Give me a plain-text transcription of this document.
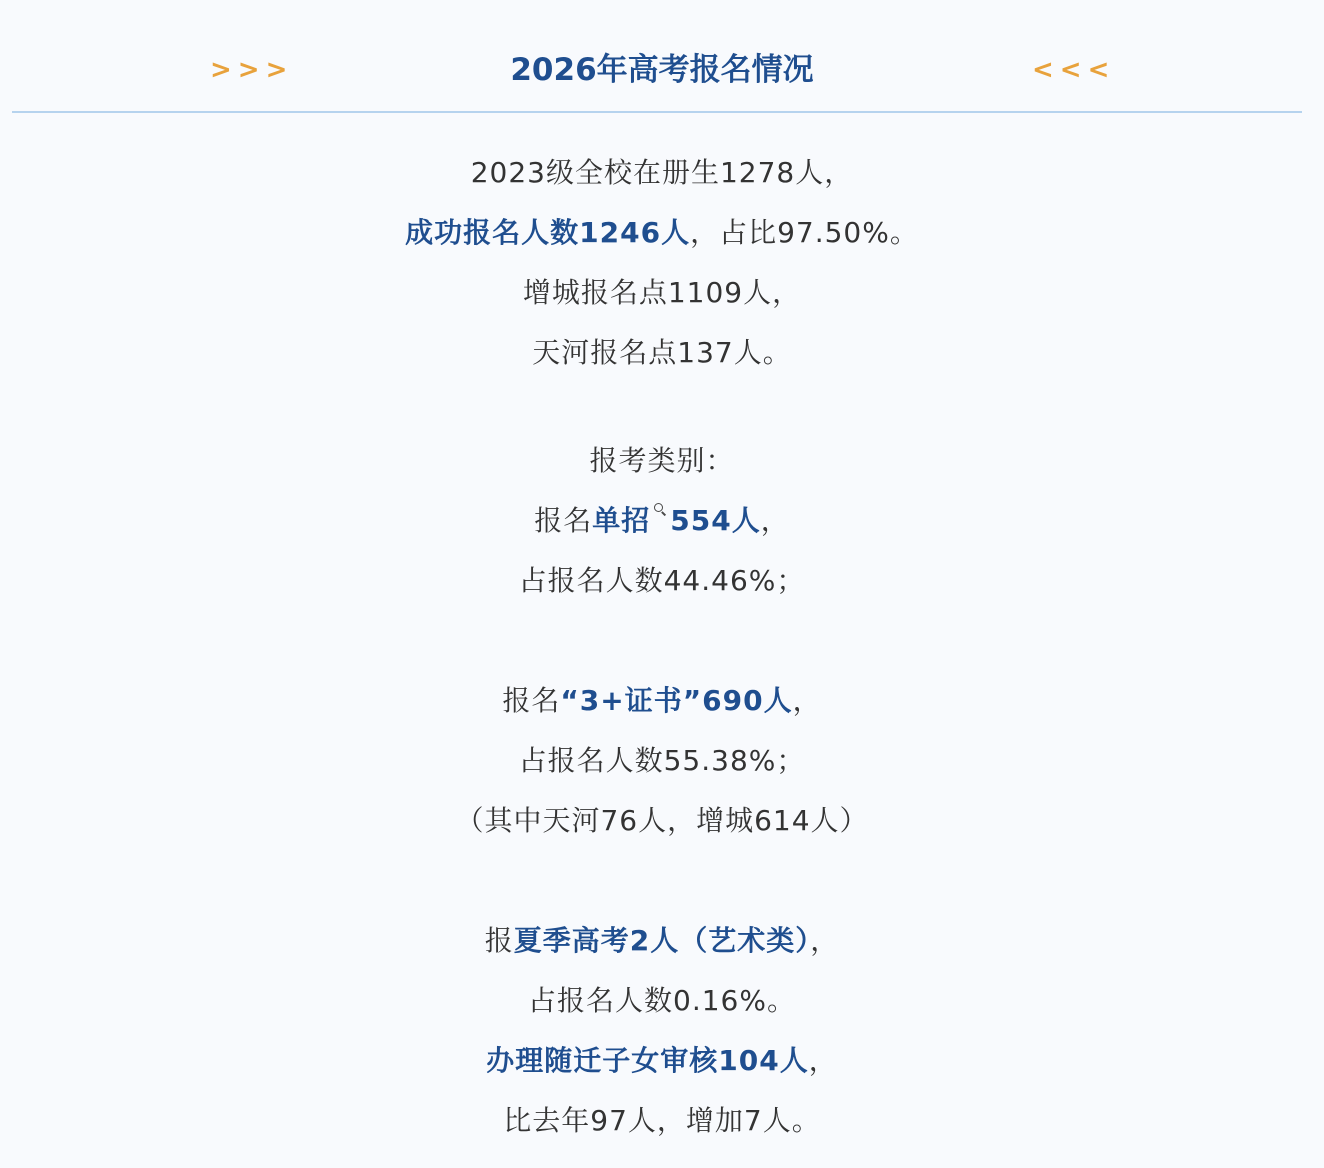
>>>	2026年高考报名情况	<<<
2023级全校在册生1278人，
成功报名人数1246人，占比97.50%。
增城报名点1109人，
天河报名点137人。
报考类别：
报名单招 554人，
占报名人数44.46%；
报名“3+证书”690人，
占报名人数55.38%；
（其中天河76人，增城614人）
报夏季高考2人（艺术类），
占报名人数0.16%。
办理随迁子女审核104人，
比去年97人，增加7人。
